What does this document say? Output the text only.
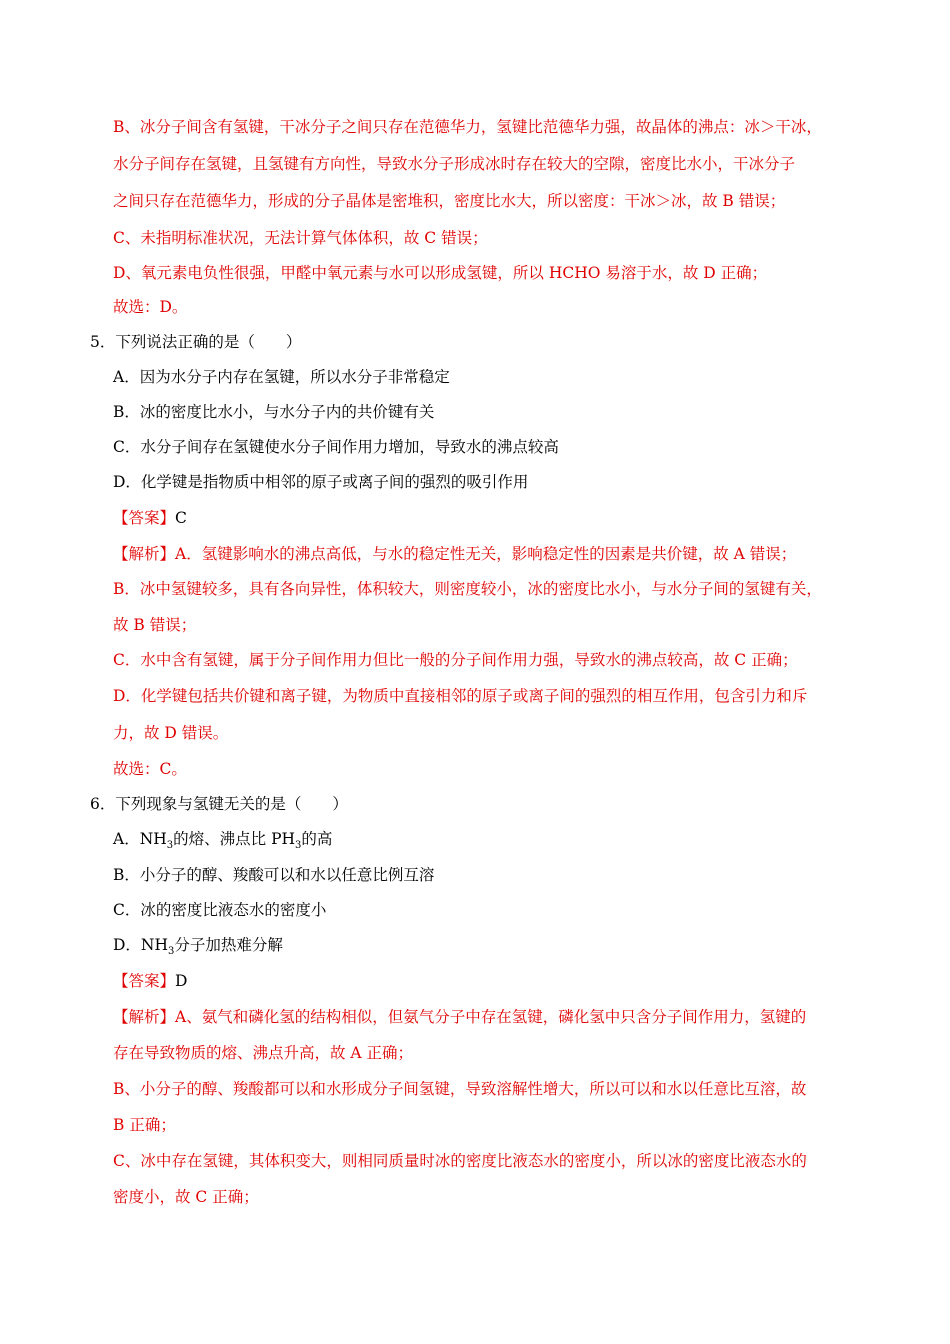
B、冰分子间含有氢键，干冰分子之间只存在范德华力，氢键比范德华力强，故晶体的沸点：冰＞干冰，
水分子间存在氢键，且氢键有方向性，导致水分子形成冰时存在较大的空隙，密度比水小，干冰分子
之间只存在范德华力，形成的分子晶体是密堆积，密度比水大，所以密度：干冰＞冰，故 B 错误；
C、未指明标准状况，无法计算气体体积，故 C 错误；
D、氧元素电负性很强，甲醛中氧元素与水可以形成氢键，所以 HCHO 易溶于水，故 D 正确；
故选：D。
5．下列说法正确的是（　　）
A．因为水分子内存在氢键，所以水分子非常稳定
B．冰的密度比水小，与水分子内的共价键有关
C．水分子间存在氢键使水分子间作用力增加，导致水的沸点较高
D．化学键是指物质中相邻的原子或离子间的强烈的吸引作用
【答案】C
【解析】A．氢键影响水的沸点高低，与水的稳定性无关，影响稳定性的因素是共价键，故 A 错误；
B．冰中氢键较多，具有各向异性，体积较大，则密度较小，冰的密度比水小，与水分子间的氢键有关，
故 B 错误；
C．水中含有氢键，属于分子间作用力但比一般的分子间作用力强，导致水的沸点较高，故 C 正确；
D．化学键包括共价键和离子键，为物质中直接相邻的原子或离子间的强烈的相互作用，包含引力和斥
力，故 D 错误。
故选：C。
6．下列现象与氢键无关的是（　　）
A．$NH_3$的熔、沸点比 $PH_3$的高
B．小分子的醇、羧酸可以和水以任意比例互溶
C．冰的密度比液态水的密度小
D．$NH_3$分子加热难分解
【答案】D
【解析】A、氨气和磷化氢的结构相似，但氨气分子中存在氢键，磷化氢中只含分子间作用力，氢键的
存在导致物质的熔、沸点升高，故 A 正确；
B、小分子的醇、羧酸都可以和水形成分子间氢键，导致溶解性增大，所以可以和水以任意比互溶，故
B 正确；
C、冰中存在氢键，其体积变大，则相同质量时冰的密度比液态水的密度小，所以冰的密度比液态水的
密度小，故 C 正确；
